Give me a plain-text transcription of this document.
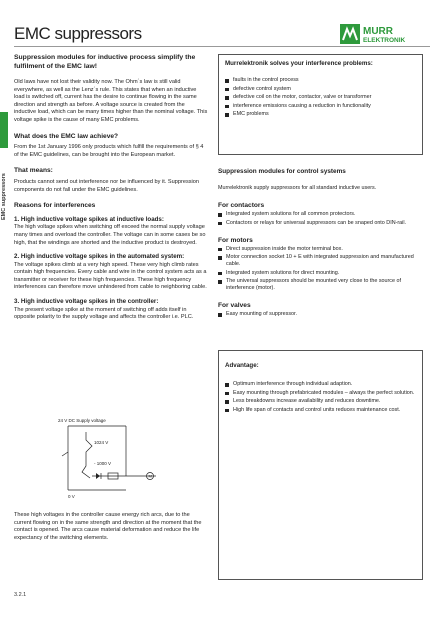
EMC suppressors	MURR
ELEKTRONIK
EMC suppressors
Suppression modules for inductive process simplify the fulfilment of the EMC law!

Old laws have not lost their validity now. The Ohm´s law is still valid everywhere, as well as the Lenz´s rule. This states that when an inductive load is switched off, current has the desire to continue flowing in the same direction and strength as before. A voltage source is created from the inductive load, which can be many times higher than the nominal voltage. This voltage spike is the cause of many EMC problems.

What does the EMC law achieve?

From the 1st January 1996 only products which fulfill the requirements of § 4 of the EMC guidelines, can be brought into the European market.

That means:

Products cannot send out interference nor be influenced by it. Suppression components do not fall under the EMC guidelines.

Reasons for interferences
1. High inductive voltage spikes at inductive loads:

The high voltage spikes when switching off exceed the normal supply voltage many times and overload the controller. The voltage can in some cases be so high, that the windings are shorted and the inductive product is destroyed.

2. High inductive voltage spikes in the automated system:

The voltage spikes climb at a very high speed. These very high climb rates contain high frequencies. Every cable and wire in the control system acts as a transmitter or receiver for these high frequencies. These high frequency interferences can therefore move unhindered from cable to neighboring cable.

3. High inductive voltage spikes in the controller:

The present voltage spike at the moment of switching off adds itself in opposite polarity to the supply voltage and affects the controller i.e. PLC.

24 V DC Supply voltage
1024 V
- 1000 V
M
0 V
These high voltages in the controller cause energy rich arcs, due to the current flowing on in the same strength and direction at the moment that the contact is opened. The arcs cause material deformation and reduce the life expectancy of the switching elements.
Murrelektronik solves your interference problems:
faults in the control process
defective control system
defective coil on the motor, contactor, valve or transformer
interference emissions causing a reduction in functionality
EMC problems
Suppression modules for control systems

Murrelektronik supply suppressors for all standard inductive users.

For contactors
Integrated system solutions for all common protectors.
Contactors or relays for universal suppressors can be snaped onto DIN-rail.
For motors
Direct suppression inside the motor terminal box.
Motor connection socket 10 + E with integrated suppression and manufactured cable.
Integrated system solutions for direct mounting.
The universal suppressors should be mounted very close to the source of interference (motor).
For valves
Easy mounting of suppressor.
Advantage:
Optimum interference through individual adaption.
Easy mounting through prefabricated modules – always the perfect solution.
Less breakdowns increase availability and reduces downtime.
High life span of contacts and control units reduces maintenance cost.
3.2.1
